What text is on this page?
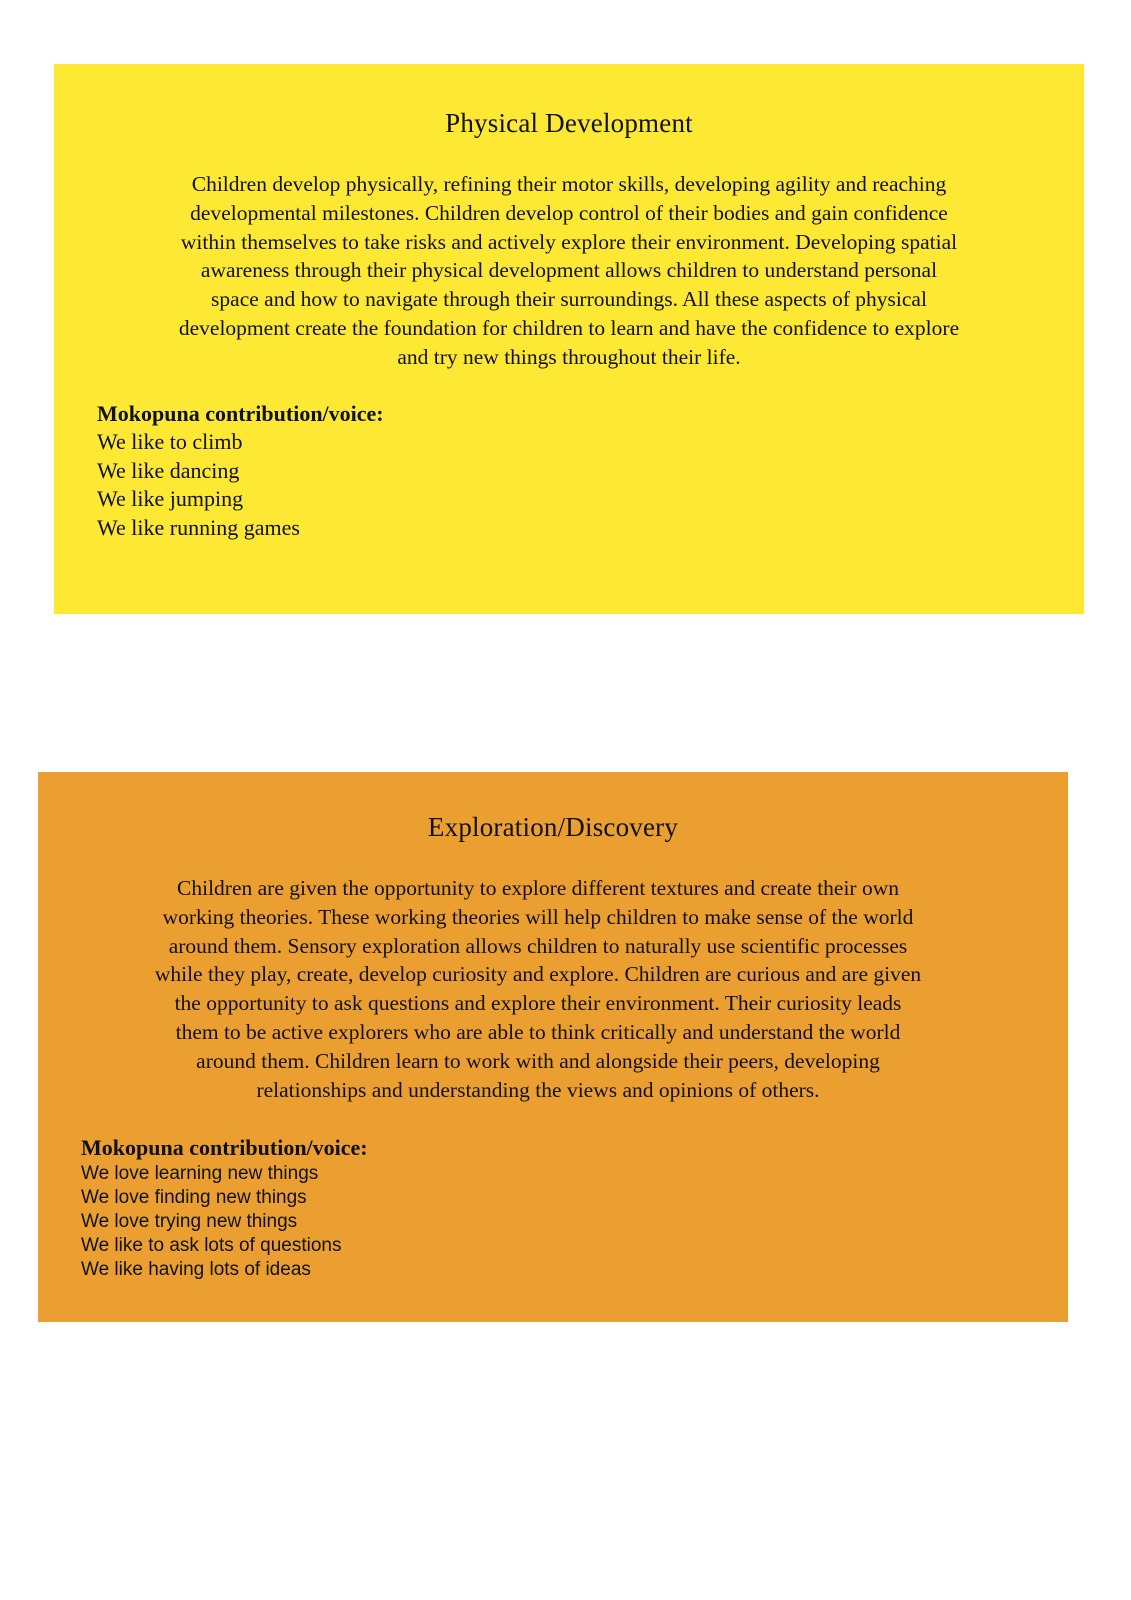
Physical Development
Children develop physically, refining their motor skills, developing agility and reaching
developmental milestones. Children develop control of their bodies and gain confidence
within themselves to take risks and actively explore their environment. Developing spatial
awareness through their physical development allows children to understand personal
space and how to navigate through their surroundings. All these aspects of physical
development create the foundation for children to learn and have the confidence to explore
and try new things throughout their life.
Mokopuna contribution/voice:
We like to climb
We like dancing
We like jumping
We like running games
Exploration/Discovery
Children are given the opportunity to explore different textures and create their own
working theories. These working theories will help children to make sense of the world
around them. Sensory exploration allows children to naturally use scientific processes
while they play, create, develop curiosity and explore. Children are curious and are given
the opportunity to ask questions and explore their environment. Their curiosity leads
them to be active explorers who are able to think critically and understand the world
around them. Children learn to work with and alongside their peers, developing
relationships and understanding the views and opinions of others.
Mokopuna contribution/voice:
We love learning new things
We love finding new things
We love trying new things
We like to ask lots of questions
We like having lots of ideas
